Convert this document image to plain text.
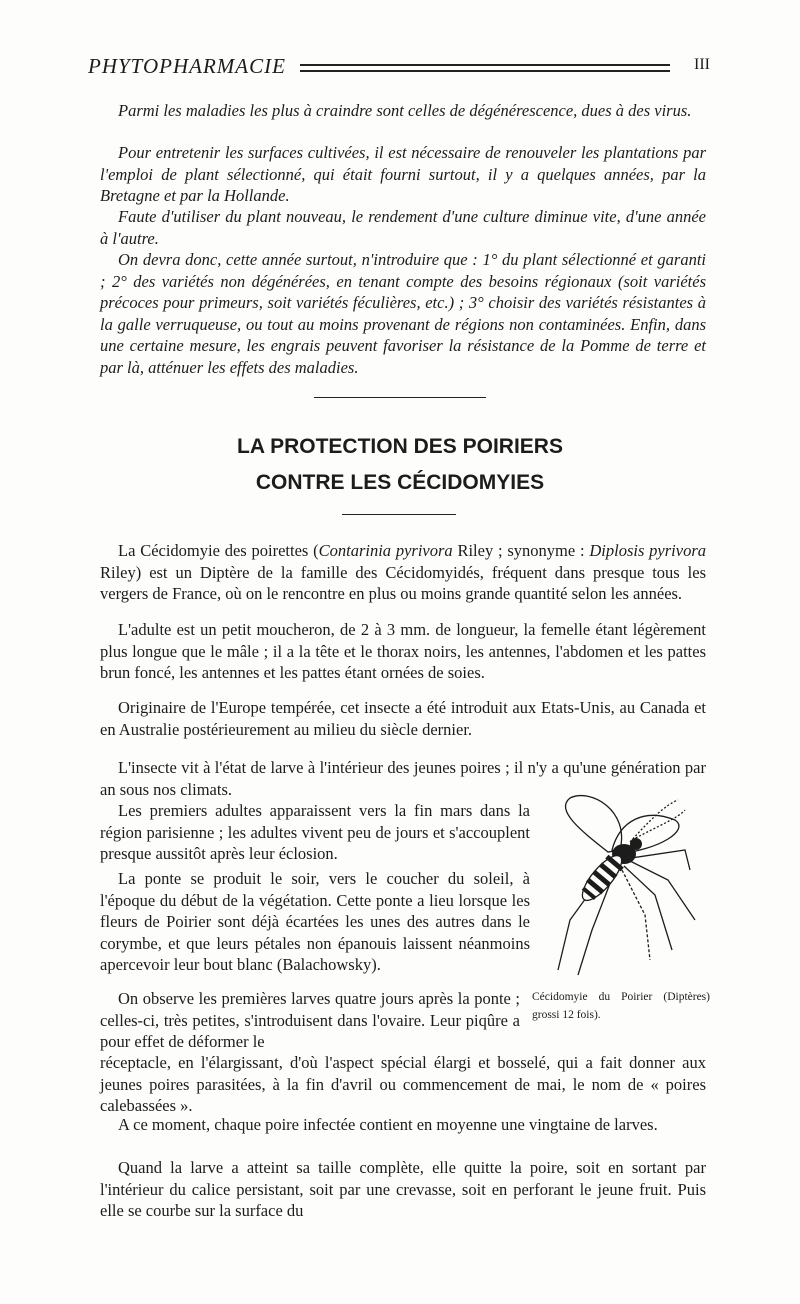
PHYTOPHARMACIE	III

Parmi les maladies les plus à craindre sont celles de dégénérescence, dues à des virus.

Pour entretenir les surfaces cultivées, il est nécessaire de renouveler les plantations par l'emploi de plant sélectionné, qui était fourni surtout, il y a quelques années, par la Bretagne et par la Hollande.

Faute d'utiliser du plant nouveau, le rendement d'une culture diminue vite, d'une année à l'autre.

On devra donc, cette année surtout, n'introduire que : 1° du plant sélectionné et garanti ; 2° des variétés non dégénérées, en tenant compte des besoins régionaux (soit variétés précoces pour primeurs, soit variétés féculières, etc.) ; 3° choisir des variétés résistantes à la galle verruqueuse, ou tout au moins provenant de régions non contaminées. Enfin, dans une certaine mesure, les engrais peuvent favoriser la résistance de la Pomme de terre et par là, atténuer les effets des maladies.

LA PROTECTION DES POIRIERS
CONTRE LES CÉCIDOMYIES

La Cécidomyie des poirettes (Contarinia pyrivora Riley ; synonyme : Diplosis pyrivora Riley) est un Diptère de la famille des Cécidomyidés, fréquent dans presque tous les vergers de France, où on le rencontre en plus ou moins grande quantité selon les années.

L'adulte est un petit moucheron, de 2 à 3 mm. de longueur, la femelle étant légèrement plus longue que le mâle ; il a la tête et le thorax noirs, les antennes, l'abdomen et les pattes brun foncé, les antennes et les pattes étant ornées de soies.

Originaire de l'Europe tempérée, cet insecte a été introduit aux Etats-Unis, au Canada et en Australie postérieurement au milieu du siècle dernier.

L'insecte vit à l'état de larve à l'intérieur des jeunes poires ; il n'y a qu'une génération par an sous nos climats.

Les premiers adultes apparaissent vers la fin mars dans la région parisienne ; les adultes vivent peu de jours et s'accouplent presque aussitôt après leur éclosion.

La ponte se produit le soir, vers le coucher du soleil, à l'époque du début de la végétation. Cette ponte a lieu lorsque les fleurs de Poirier sont déjà écartées les unes des autres dans le corymbe, et que leurs pétales non épanouis laissent néanmoins apercevoir leur bout blanc (Balachowsky).

On observe les premières larves quatre jours après la ponte ; celles-ci, très petites, s'introduisent dans l'ovaire. Leur piqûre a pour effet de déformer le

réceptacle, en l'élargissant, d'où l'aspect spécial élargi et bosselé, qui a fait donner aux jeunes poires parasitées, à la fin d'avril ou commencement de mai, le nom de « poires calebassées ».

A ce moment, chaque poire infectée contient en moyenne une vingtaine de larves.

Quand la larve a atteint sa taille complète, elle quitte la poire, soit en sortant par l'intérieur du calice persistant, soit par une crevasse, soit en perforant le jeune fruit. Puis elle se courbe sur la surface du

Cécidomyie du Poirier (Diptères) grossi 12 fois).
